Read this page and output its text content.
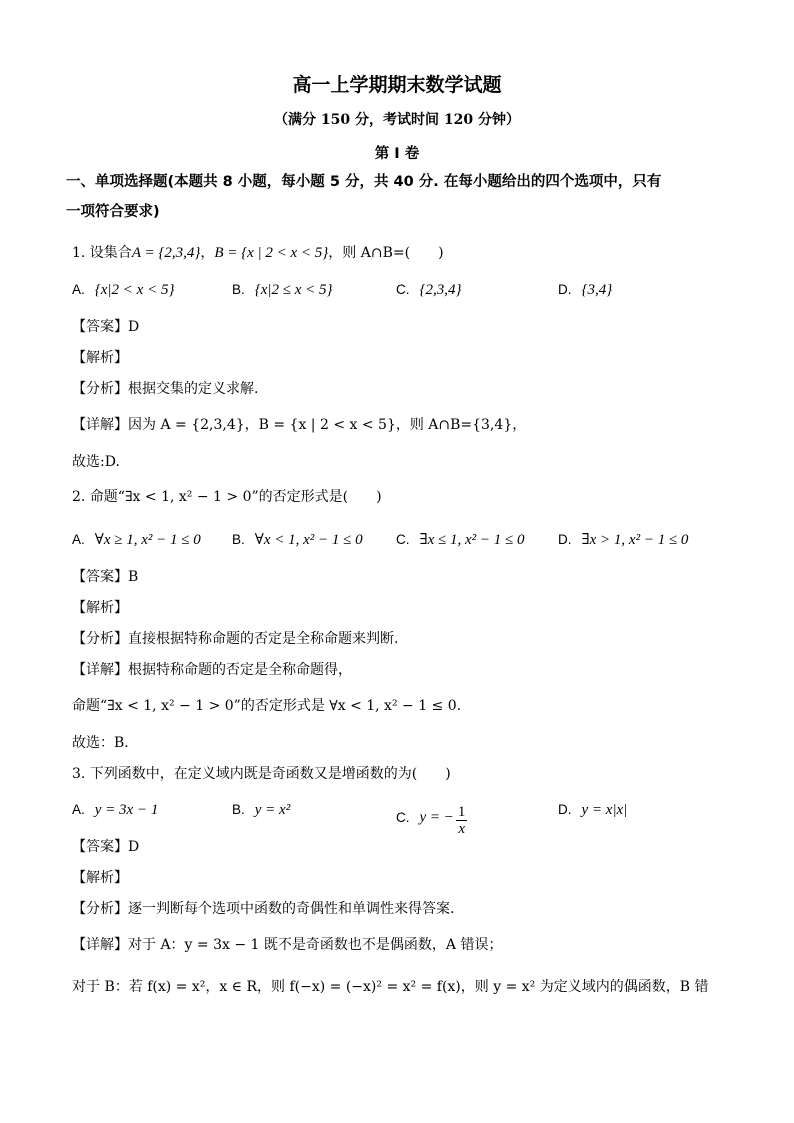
高一上学期期末数学试题
（满分 150 分，考试时间 120 分钟）
第 I 卷
一、单项选择题(本题共 8 小题，每小题 5 分，共 40 分. 在每小题给出的四个选项中，只有
一项符合要求)
1. 设集合A = {2,3,4}，B = {x | 2 < x < 5}，则 A∩B=(　　)
A. {x|2 < x < 5}	B. {x|2 ≤ x < 5}	C. {2,3,4}	D. {3,4}
【答案】D
【解析】
【分析】根据交集的定义求解.
【详解】因为 A = {2,3,4}，B = {x | 2 < x < 5}，则 A∩B={3,4}，
故选:D.
2. 命题“∃x < 1, x² − 1 > 0”的否定形式是(　　)
A. ∀x ≥ 1, x² − 1 ≤ 0 B. ∀x < 1, x² − 1 ≤ 0 C. ∃x ≤ 1, x² − 1 ≤ 0 D. ∃x > 1, x² − 1 ≤ 0
【答案】B
【解析】
【分析】直接根据特称命题的否定是全称命题来判断.
【详解】根据特称命题的否定是全称命题得，
命题“∃x < 1, x² − 1 > 0”的否定形式是 ∀x < 1, x² − 1 ≤ 0.
故选：B.
3. 下列函数中，在定义域内既是奇函数又是增函数的为(　　)
A. y = 3x − 1	B. y = x²	C. y = − $\frac{1}{x}$	D. y = x|x|
【答案】D
【解析】
【分析】逐一判断每个选项中函数的奇偶性和单调性来得答案.
【详解】对于 A：y = 3x − 1 既不是奇函数也不是偶函数，A 错误；
对于 B：若 f(x) = x²，x ∈ R，则 f(−x) = (−x)² = x² = f(x)，则 y = x² 为定义域内的偶函数，B 错
